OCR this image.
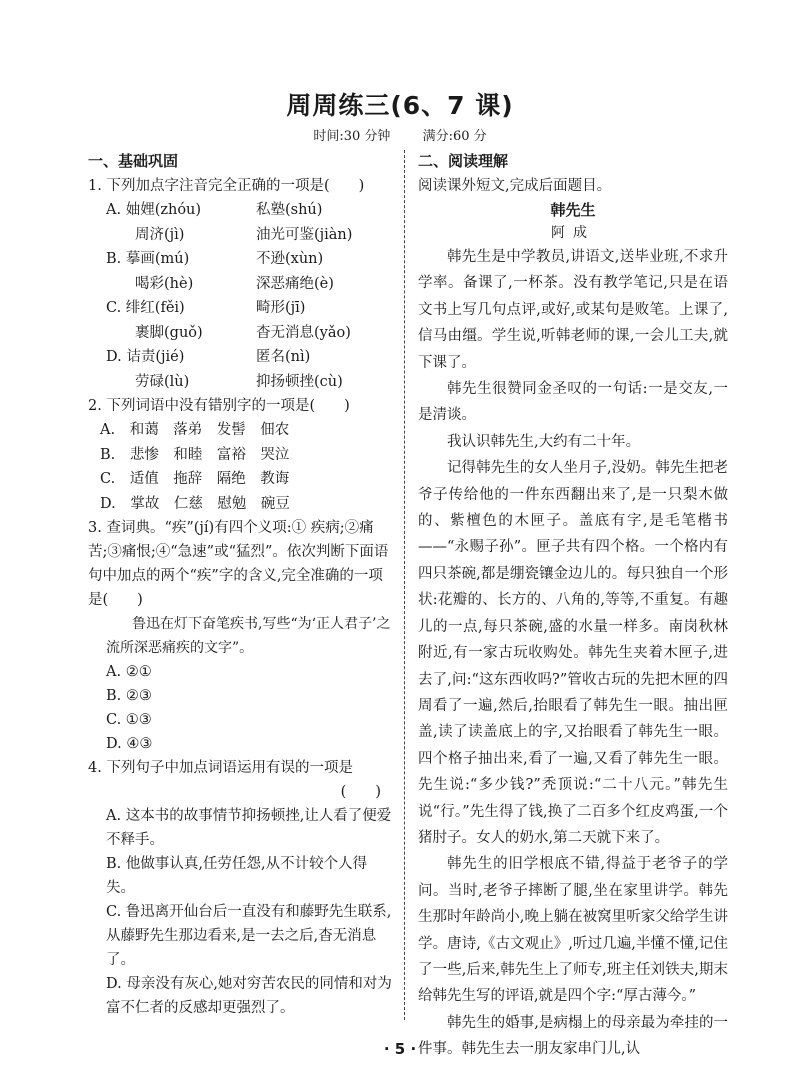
周周练三(6、7 课)
时间:30 分钟 满分:60 分
一、基础巩固
1. 下列加点字注音完全正确的一项是(　　)
A. 妯娌(zhóu)	私塾(shú)
　　周济(jì)	油光可鉴(jiàn)
B. 摹画(mú)	不逊(xùn)
　　喝彩(hè)	深恶痛绝(è)
C. 绯红(fěi)	畸形(jī)
　　裹脚(guǒ)	杳无消息(yǎo)
D. 诘责(jié)	匿名(nì)
　　劳碌(lù)	抑扬顿挫(cù)
2. 下列词语中没有错别字的一项是(　　)
A. 和蔼　落弟　发髻　佃农
B. 悲惨　和睦　富裕　哭泣
C. 适值　拖辞　隔绝　教诲
D. 掌故　仁慈　慰勉　碗豆
3. 查词典。“疾”(jí)有四个义项:① 疾病;②痛苦;③痛恨;④“急速”或“猛烈”。依次判断下面语句中加点的两个“疾”字的含义,完全准确的一项是(　　)
鲁迅在灯下奋笔疾书,写些“为‘正人君子’之流所深恶痛疾的文字”。
A. ②①
B. ②③
C. ①③
D. ④③
4. 下列句子中加点词语运用有误的一项是
(　　)
A. 这本书的故事情节抑扬顿挫,让人看了便爱不释手。
B. 他做事认真,任劳任怨,从不计较个人得失。
C. 鲁迅离开仙台后一直没有和藤野先生联系,从藤野先生那边看来,是一去之后,杳无消息了。
D. 母亲没有灰心,她对穷苦农民的同情和对为富不仁者的反感却更强烈了。
二、阅读理解
阅读课外短文,完成后面题目。
韩先生
阿成
韩先生是中学教员,讲语文,送毕业班,不求升学率。备课了,一杯茶。没有教学笔记,只是在语文书上写几句点评,或好,或某句是败笔。上课了,信马由缰。学生说,听韩老师的课,一会儿工夫,就下课了。
韩先生很赞同金圣叹的一句话:一是交友,一是清谈。
我认识韩先生,大约有二十年。
记得韩先生的女人坐月子,没奶。韩先生把老爷子传给他的一件东西翻出来了,是一只梨木做的、紫檀色的木匣子。盖底有字,是毛笔楷书——“永赐子孙”。匣子共有四个格。一个格内有四只茶碗,都是绷瓷镶金边儿的。每只独自一个形状:花瓣的、长方的、八角的,等等,不重复。有趣儿的一点,每只茶碗,盛的水量一样多。南岗秋林附近,有一家古玩收购处。韩先生夹着木匣子,进去了,问:“这东西收吗?”管收古玩的先把木匣的四周看了一遍,然后,抬眼看了韩先生一眼。抽出匣盖,读了读盖底上的字,又抬眼看了韩先生一眼。四个格子抽出来,看了一遍,又看了韩先生一眼。先生说:“多少钱?”秃顶说:“二十八元。”韩先生说“行。”先生得了钱,换了二百多个红皮鸡蛋,一个猪肘子。女人的奶水,第二天就下来了。
韩先生的旧学根底不错,得益于老爷子的学问。当时,老爷子摔断了腿,坐在家里讲学。韩先生那时年龄尚小,晚上躺在被窝里听家父给学生讲学。唐诗,《古文观止》,听过几遍,半懂不懂,记住了一些,后来,韩先生上了师专,班主任刘铁夫,期末给韩先生写的评语,就是四个字:“厚古薄今。”
韩先生的婚事,是病榻上的母亲最为牵挂的一件事。韩先生去一朋友家串门儿,认
· 5 ·
